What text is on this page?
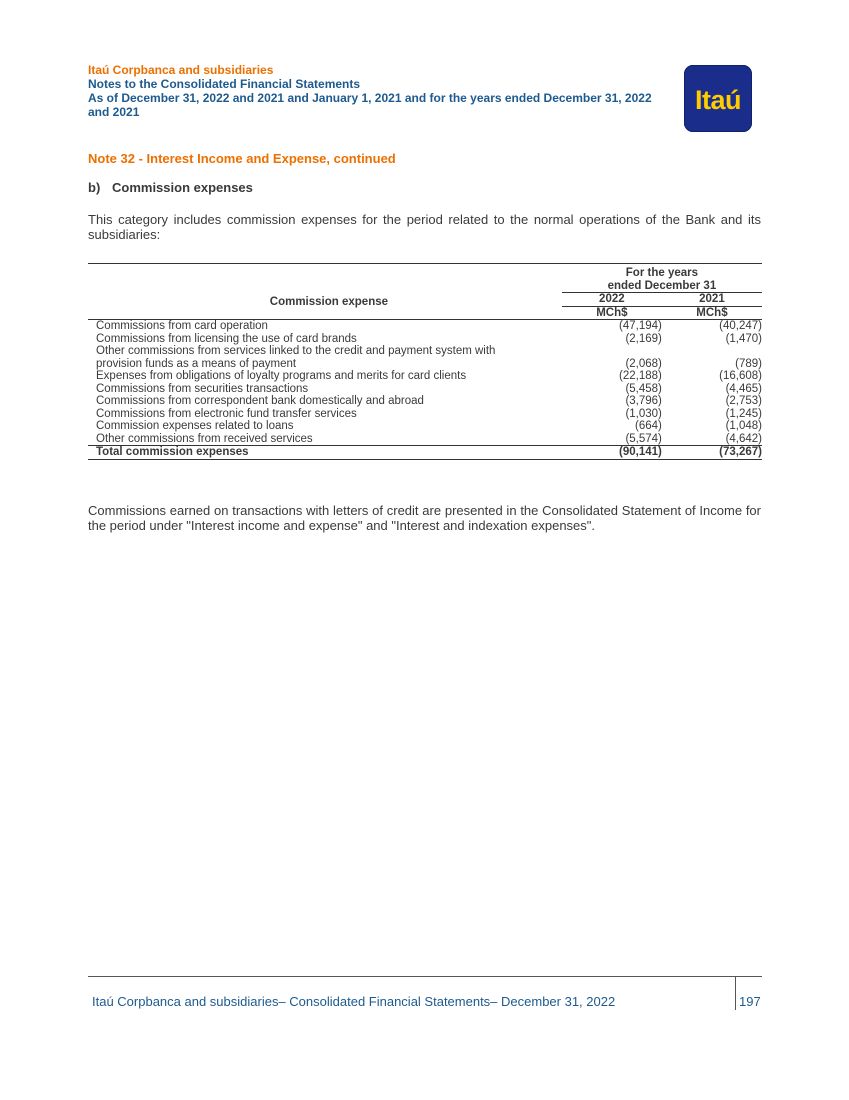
Itaú Corpbanca and subsidiaries
Notes to the Consolidated Financial Statements
As of December 31, 2022 and 2021 and January 1, 2021 and for the years ended December 31, 2022
and 2021	Itaú
Note 32 - Interest Income and Expense, continued
b) Commission expenses
This category includes commission expenses for the period related to the normal operations of the Bank and its subsidiaries:
Commission expense	For the years	
	ended December 31	
	2022	2021
	MCh$	MCh$
Commissions from card operation	(47,194)	(40,247)
Commissions from licensing the use of card brands	(2,169)	(1,470)
Other commissions from services linked to the credit and payment system with		
provision funds as a means of payment	(2,068)	(789)
Expenses from obligations of loyalty programs and merits for card clients	(22,188)	(16,608)
Commissions from securities transactions	(5,458)	(4,465)
Commissions from correspondent bank domestically and abroad	(3,796)	(2,753)
Commissions from electronic fund transfer services	(1,030)	(1,245)
Commission expenses related to loans	(664)	(1,048)
Other commissions from received services	(5,574)	(4,642)
Total commission expenses	(90,141)	(73,267)
Commissions earned on transactions with letters of credit are presented in the Consolidated Statement of Income for the period under "Interest income and expense" and "Interest and indexation expenses".
Itaú Corpbanca and subsidiaries– Consolidated Financial Statements– December 31, 2022	197
